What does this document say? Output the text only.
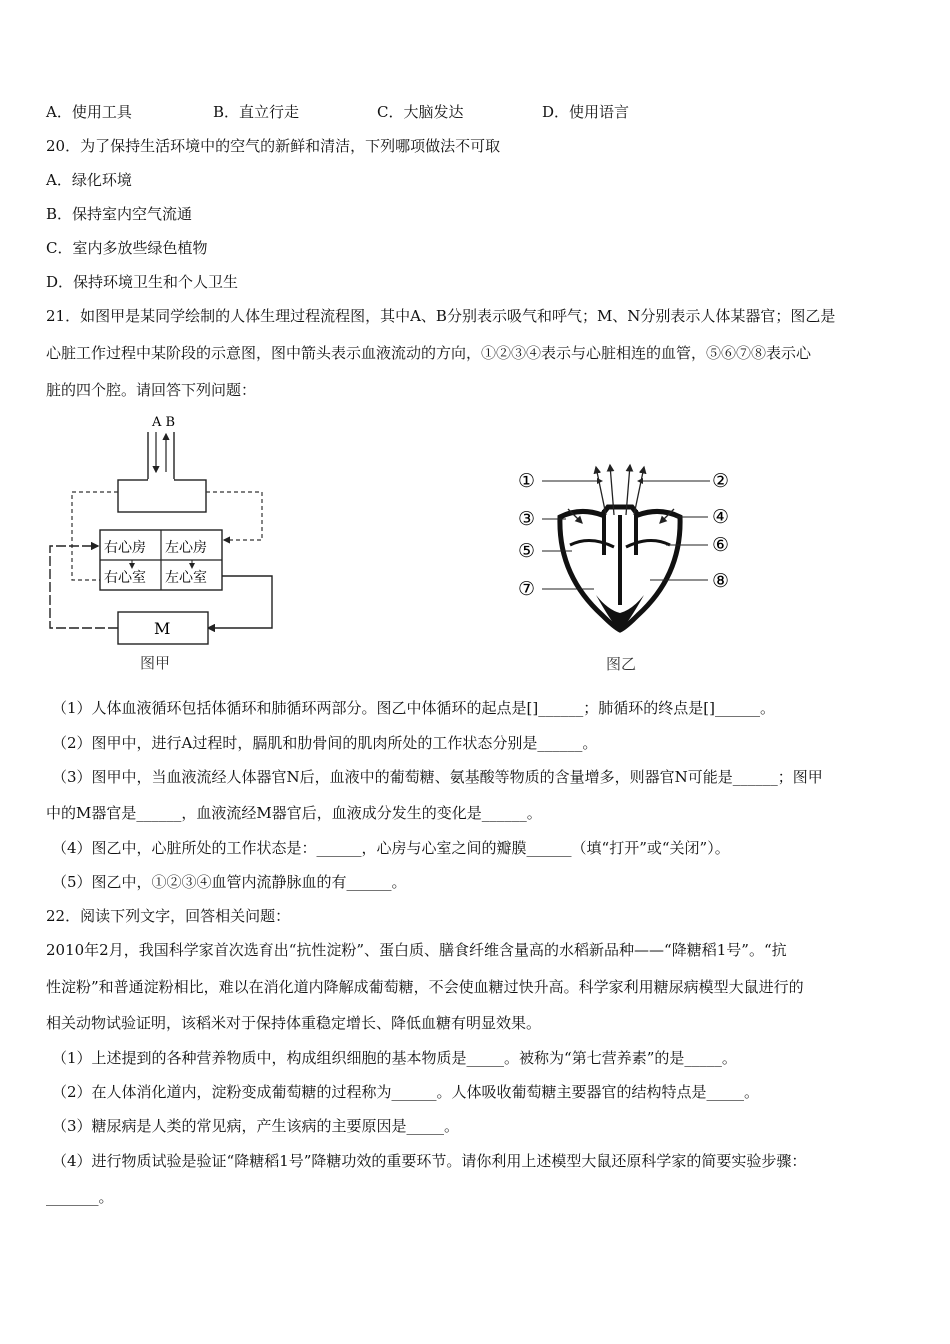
A．使用工具	B．直立行走	C．大脑发达	D．使用语言
20．为了保持生活环境中的空气的新鲜和清洁，下列哪项做法不可取
A．绿化环境
B．保持室内空气流通
C．室内多放些绿色植物
D．保持环境卫生和个人卫生
21．如图甲是某同学绘制的人体生理过程流程图，其中A、B分别表示吸气和呼气；M、N分别表示人体某器官；图乙是
心脏工作过程中某阶段的示意图，图中箭头表示血液流动的方向，①②③④表示与心脏相连的血管，⑤⑥⑦⑧表示心
脏的四个腔。请回答下列问题：
A B
右心房 左心房
右心室 左心室
M
图甲
①	②
③	④
⑤	⑥
⑦	⑧
图乙
（1）人体血液循环包括体循环和肺循环两部分。图乙中体循环的起点是[]______；肺循环的终点是[]______。
（2）图甲中，进行A过程时，膈肌和肋骨间的肌肉所处的工作状态分别是______。
（3）图甲中，当血液流经人体器官N后，血液中的葡萄糖、氨基酸等物质的含量增多，则器官N可能是______；图甲
中的M器官是______，血液流经M器官后，血液成分发生的变化是______。
（4）图乙中，心脏所处的工作状态是：______，心房与心室之间的瓣膜______（填“打开”或“关闭”）。
（5）图乙中，①②③④血管内流静脉血的有______。
22．阅读下列文字，回答相关问题：
2010年2月，我国科学家首次选育出“抗性淀粉”、蛋白质、膳食纤维含量高的水稻新品种——“降糖稻1号”。“抗
性淀粉”和普通淀粉相比，难以在消化道内降解成葡萄糖，不会使血糖过快升高。科学家利用糖尿病模型大鼠进行的
相关动物试验证明，该稻米对于保持体重稳定增长、降低血糖有明显效果。
（1）上述提到的各种营养物质中，构成组织细胞的基本物质是_____。被称为“第七营养素”的是_____。
（2）在人体消化道内，淀粉变成葡萄糖的过程称为______。人体吸收葡萄糖主要器官的结构特点是_____。
（3）糖尿病是人类的常见病，产生该病的主要原因是_____。
（4）进行物质试验是验证“降糖稻1号”降糖功效的重要环节。请你利用上述模型大鼠还原科学家的简要实验步骤：
_______。
